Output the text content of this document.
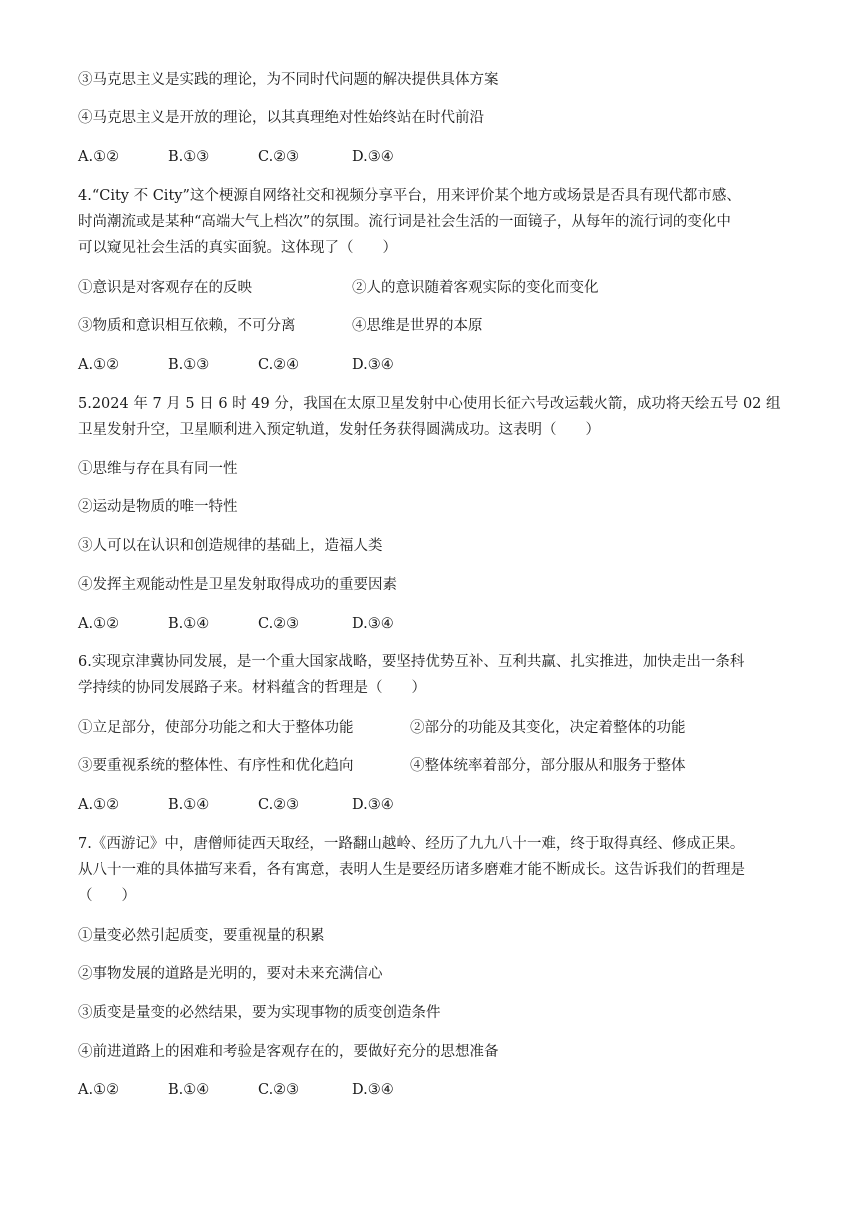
③马克思主义是实践的理论，为不同时代问题的解决提供具体方案

④马克思主义是开放的理论，以其真理绝对性始终站在时代前沿

A.①②	B.①③	C.②③	D.③④

4.“City 不 City”这个梗源自网络社交和视频分享平台，用来评价某个地方或场景是否具有现代都市感、

时尚潮流或是某种“高端大气上档次”的氛围。流行词是社会生活的一面镜子，从每年的流行词的变化中

可以窥见社会生活的真实面貌。这体现了（　　）

①意识是对客观存在的反映	②人的意识随着客观实际的变化而变化

③物质和意识相互依赖，不可分离	④思维是世界的本原

A.①②	B.①③	C.②④	D.③④

5.2024 年 7 月 5 日 6 时 49 分，我国在太原卫星发射中心使用长征六号改运载火箭，成功将天绘五号 02 组

卫星发射升空，卫星顺利进入预定轨道，发射任务获得圆满成功。这表明（　　）

①思维与存在具有同一性

②运动是物质的唯一特性

③人可以在认识和创造规律的基础上，造福人类

④发挥主观能动性是卫星发射取得成功的重要因素

A.①②	B.①④	C.②③	D.③④

6.实现京津冀协同发展，是一个重大国家战略，要坚持优势互补、互利共赢、扎实推进，加快走出一条科

学持续的协同发展路子来。材料蕴含的哲理是（　　）

①立足部分，使部分功能之和大于整体功能	②部分的功能及其变化，决定着整体的功能

③要重视系统的整体性、有序性和优化趋向	④整体统率着部分，部分服从和服务于整体

A.①②	B.①④	C.②③	D.③④

7.《西游记》中，唐僧师徒西天取经，一路翻山越岭、经历了九九八十一难，终于取得真经、修成正果。

从八十一难的具体描写来看，各有寓意，表明人生是要经历诸多磨难才能不断成长。这告诉我们的哲理是

（　　）

①量变必然引起质变，要重视量的积累

②事物发展的道路是光明的，要对未来充满信心

③质变是量变的必然结果，要为实现事物的质变创造条件

④前进道路上的困难和考验是客观存在的，要做好充分的思想准备

A.①②	B.①④	C.②③	D.③④
